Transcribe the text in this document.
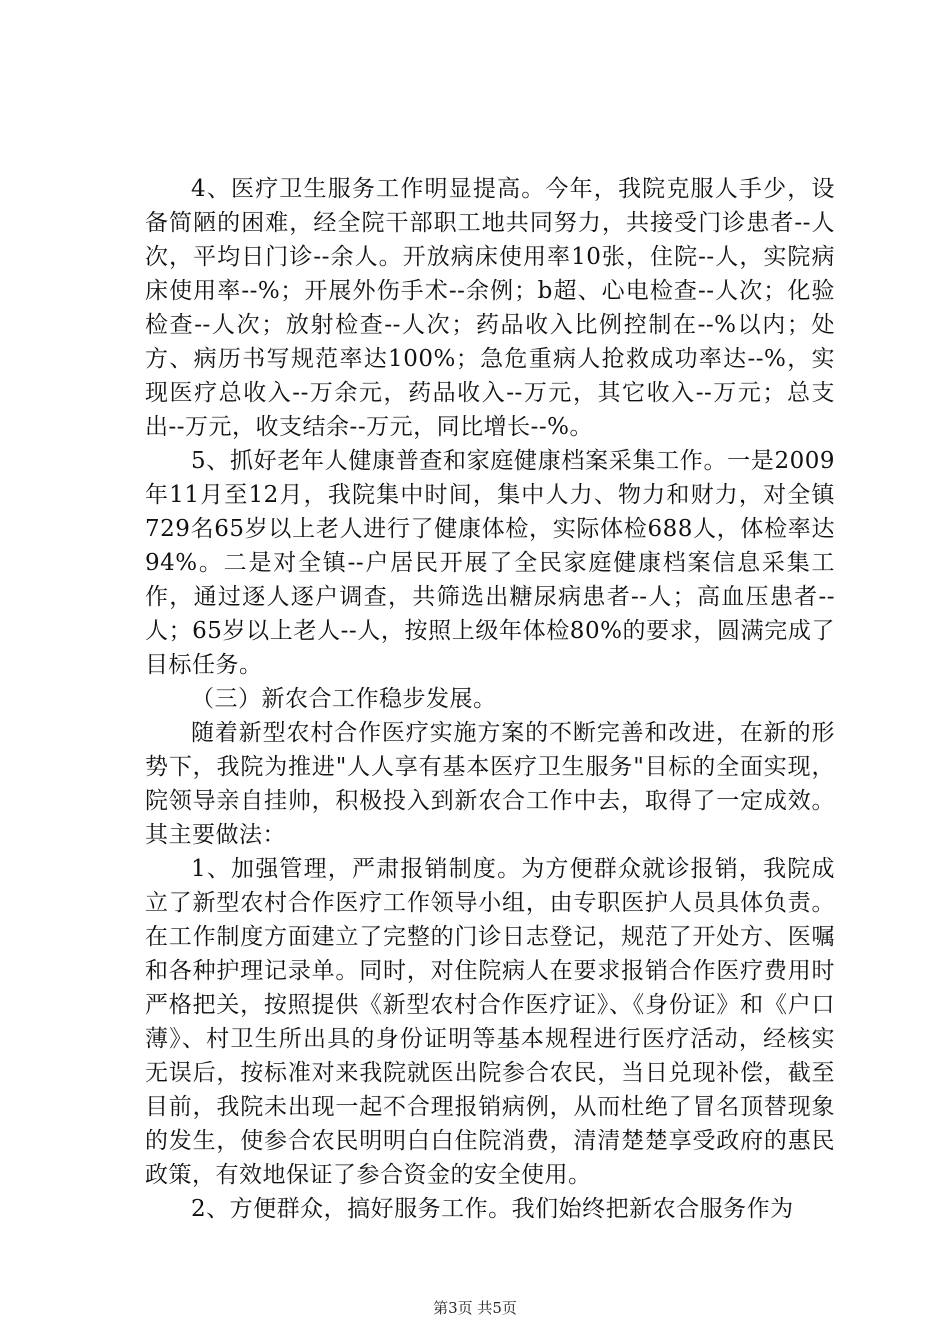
4、医疗卫生服务工作明显提高。今年，我院克服人手少，设备简陋的困难，经全院干部职工地共同努力，共接受门诊患者--人次，平均日门诊--余人。开放病床使用率10张，住院--人，实院病床使用率--%；开展外伤手术--余例；b超、心电检查--人次；化验检查--人次；放射检查--人次；药品收入比例控制在--%以内；处方、病历书写规范率达100%；急危重病人抢救成功率达--%，实现医疗总收入--万余元，药品收入--万元，其它收入--万元；总支出--万元，收支结余--万元，同比增长--%。

5、抓好老年人健康普查和家庭健康档案采集工作。一是2009年11月至12月，我院集中时间，集中人力、物力和财力，对全镇729名65岁以上老人进行了健康体检，实际体检688人，体检率达94%。二是对全镇--户居民开展了全民家庭健康档案信息采集工作，通过逐人逐户调查，共筛选出糖尿病患者--人；高血压患者--人；65岁以上老人--人，按照上级年体检80%的要求，圆满完成了目标任务。

（三）新农合工作稳步发展。

随着新型农村合作医疗实施方案的不断完善和改进，在新的形势下，我院为推进"人人享有基本医疗卫生服务"目标的全面实现，院领导亲自挂帅，积极投入到新农合工作中去，取得了一定成效。其主要做法：

1、加强管理，严肃报销制度。为方便群众就诊报销，我院成立了新型农村合作医疗工作领导小组，由专职医护人员具体负责。在工作制度方面建立了完整的门诊日志登记，规范了开处方、医嘱和各种护理记录单。同时，对住院病人在要求报销合作医疗费用时严格把关，按照提供《新型农村合作医疗证》、《身份证》和《户口薄》、村卫生所出具的身份证明等基本规程进行医疗活动，经核实无误后，按标准对来我院就医出院参合农民，当日兑现补偿，截至目前，我院未出现一起不合理报销病例，从而杜绝了冒名顶替现象的发生，使参合农民明明白白住院消费，清清楚楚享受政府的惠民政策，有效地保证了参合资金的安全使用。

2、方便群众，搞好服务工作。我们始终把新农合服务作为

第3页 共5页
